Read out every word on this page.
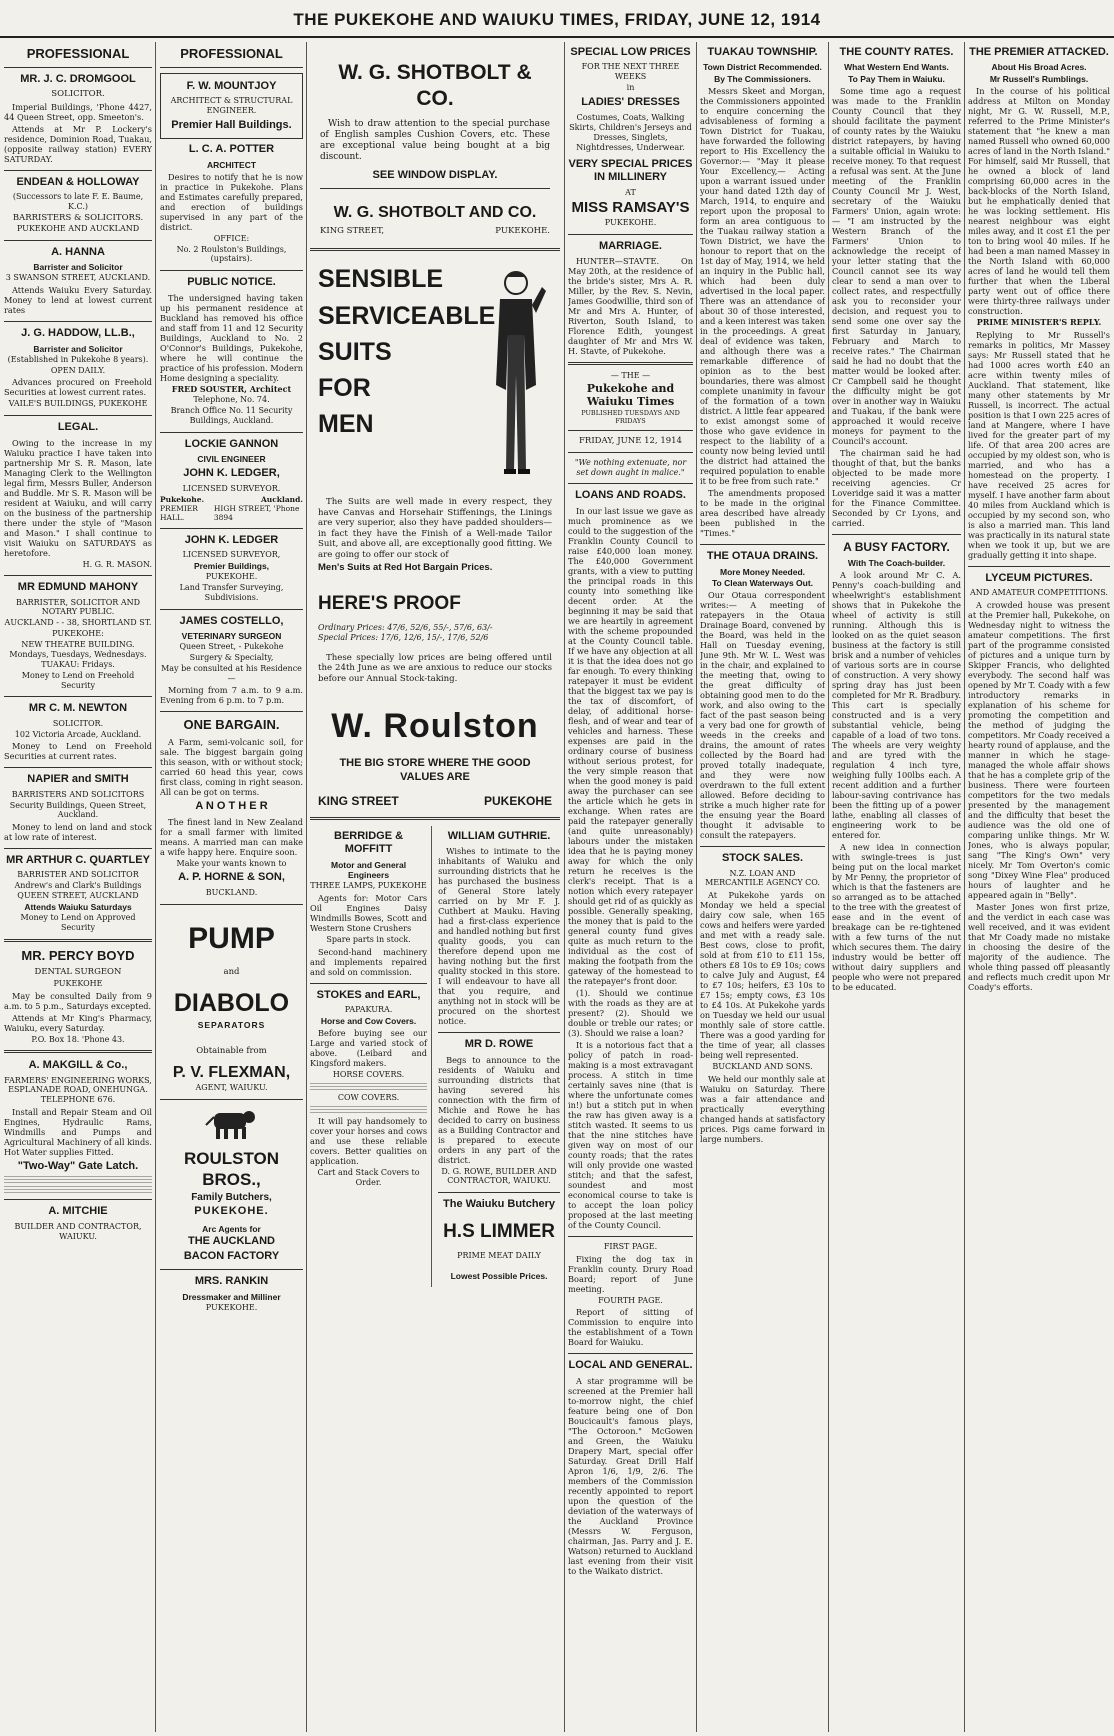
THE PUKEKOHE AND WAIUKU TIMES, FRIDAY, JUNE 12, 1914
PROFESSIONAL
MR. J. C. DROMGOOL
SOLICITOR.
Imperial Buildings, 'Phone 4427, 44 Queen Street, opp. Smeeton's.
Attends at Mr P. Lockery's residence, Dominion Road, Tuakau, (opposite railway station) EVERY SATURDAY.
ENDEAN & HOLLOWAY
(Successors to late F. E. Baume, K.C.)
BARRISTERS & SOLICITORS.
PUKEKOHE AND AUCKLAND
A. HANNA
Barrister and Solicitor
3 SWANSON STREET, AUCKLAND.
Attends Waiuku Every Saturday. Money to lend at lowest current rates
J. G. HADDOW, LL.B.,
Barrister and Solicitor
(Established in Pukekohe 8 years).
OPEN DAILY.
Advances procured on Freehold Securities at lowest current rates.
VAILE'S BUILDINGS, PUKEKOHE
LEGAL.
Owing to the increase in my Waiuku practice I have taken into partnership Mr S. R. Mason, late Managing Clerk to the Wellington legal firm, Messrs Buller, Anderson and Buddle. Mr S. R. Mason will be resident at Waiuku, and will carry on the business of the partnership there under the style of "Mason and Mason." I shall continue to visit Waiuku on SATURDAYS as heretofore.
H. G. R. MASON.
MR EDMUND MAHONY
BARRISTER, SOLICITOR AND NOTARY PUBLIC.
AUCKLAND - - 38, SHORTLAND ST.
PUKEKOHE:
NEW THEATRE BUILDING.
Mondays, Tuesdays, Wednesdays. TUAKAU: Fridays.
Money to Lend on Freehold Security
MR C. M. NEWTON
SOLICITOR.
102 Victoria Arcade, Auckland.
Money to Lend on Freehold Securities at current rates.
NAPIER and SMITH
BARRISTERS AND SOLICITORS
Security Buildings, Queen Street, Auckland.
Money to lend on land and stock at low rate of interest.
MR ARTHUR C. QUARTLEY
BARRISTER AND SOLICITOR
Andrew's and Clark's Buildings QUEEN STREET, AUCKLAND
Attends Waiuku Saturdays
Money to Lend on Approved Security
MR. PERCY BOYD
DENTAL SURGEON
PUKEKOHE
May be consulted Daily from 9 a.m. to 5 p.m., Saturdays excepted.
Attends at Mr King's Pharmacy, Waiuku, every Saturday.
P.O. Box 18. 'Phone 43.
A. MAKGILL & Co.,
FARMERS' ENGINEERING WORKS, ESPLANADE ROAD, ONEHUNGA. TELEPHONE 676.
Install and Repair Steam and Oil Engines, Hydraulic Rams, Windmills and Pumps and Agricultural Machinery of all kinds. Hot Water supplies Fitted.
"Two-Way" Gate Latch.
A. MITCHIE
BUILDER AND CONTRACTOR, WAIUKU.
PROFESSIONAL
F. W. MOUNTJOY
ARCHITECT & STRUCTURAL ENGINEER.
Premier Hall Buildings.
L. C. A. POTTER
ARCHITECT
Desires to notify that he is now in practice in Pukekohe. Plans and Estimates carefully prepared, and erection of buildings supervised in any part of the district.
OFFICE:
No. 2 Roulston's Buildings, (upstairs).
PUBLIC NOTICE.
The undersigned having taken up his permanent residence at Buckland has removed his office and staff from 11 and 12 Security Buildings, Auckland to No. 2 O'Connor's Buildings, Pukekohe, where he will continue the practice of his profession. Modern Home designing a speciality.
FRED SOUSTER, Architect
Telephone, No. 74.
Branch Office No. 11 Security Buildings, Auckland.
LOCKIE GANNON
CIVIL ENGINEER
JOHN K. LEDGER,
LICENSED SURVEYOR.
Pukekohe.	Auckland.
PREMIER HALL.
HIGH STREET, 'Phone 3894
JOHN K. LEDGER
LICENSED SURVEYOR,
Premier Buildings,
PUKEKOHE.
Land Transfer Surveying, Subdivisions.
JAMES COSTELLO,
VETERINARY SURGEON
Queen Street, - Pukekohe
Surgery & Specialty,
May be consulted at his Residence—
Morning from 7 a.m. to 9 a.m. Evening from 6 p.m. to 7 p.m.
ONE BARGAIN.
A Farm, semi-volcanic soil, for sale. The biggest bargain going this season, with or without stock; carried 60 head this year, cows first class, coming in right season. All can be got on terms.
A N O T H E R
The finest land in New Zealand for a small farmer with limited means. A married man can make a wife happy here. Enquire soon.
Make your wants known to
A. P. HORNE & SON,
BUCKLAND.
PUMP
and
DIABOLO
SEPARATORS
Obtainable from
P. V. FLEXMAN,
AGENT, WAIUKU.
ROULSTON BROS.,
Family Butchers,
PUKEKOHE.
Arc Agents for
THE AUCKLAND
BACON FACTORY
MRS. RANKIN
Dressmaker and Milliner
PUKEKOHE.
W. G. SHOTBOLT & CO.
Wish to draw attention to the special purchase of English samples Cushion Covers, etc. These are exceptional value being bought at a big discount.
SEE WINDOW DISPLAY.
W. G. SHOTBOLT AND CO.
KING STREET,	PUKEKOHE.
SENSIBLE
SERVICEABLE
SUITS
FOR
MEN
The Suits are well made in every respect, they have Canvas and Horsehair Stiffenings, the Linings are very superior, also they have padded shoulders—in fact they have the Finish of a Well-made Tailor Suit, and above all, are exceptionally good fitting. We are going to offer our stock of
Men's Suits at Red Hot Bargain Prices.
HERE'S PROOF
Ordinary Prices: 47/6, 52/6, 55/-, 57/6, 63/-
Special Prices: 17/6, 12/6, 15/-, 17/6, 52/6
These specially low prices are being offered until the 24th June as we are anxious to reduce our stocks before our Annual Stock-taking.
W. Roulston
THE BIG STORE WHERE THE GOOD VALUES ARE
KING STREET	PUKEKOHE
BERRIDGE & MOFFITT
Motor and General Engineers
THREE LAMPS, PUKEKOHE
Agents for: Motor Cars Oil Engines Daisy Windmills Bowes, Scott and Western Stone Crushers
Spare parts in stock.
Second-hand machinery and implements repaired and sold on commission.
STOKES and EARL,
PAPAKURA.
Horse and Cow Covers.
Before buying see our Large and varied stock of above. (Leibard and Kingsford makers.
HORSE COVERS.
COW COVERS.
It will pay handsomely to cover your horses and cows and use these reliable covers. Better qualities on application.
Cart and Stack Covers to Order.
WILLIAM GUTHRIE.
Wishes to intimate to the inhabitants of Waiuku and surrounding districts that he has purchased the business of General Store lately carried on by Mr F. J. Cuthbert at Mauku. Having had a first-class experience and handled nothing but first quality goods, you can therefore depend upon me having nothing but the first quality stocked in this store. I will endeavour to have all that you require, and anything not in stock will be procured on the shortest notice.
MR D. ROWE
Begs to announce to the residents of Waiuku and surrounding districts that having severed his connection with the firm of Michie and Rowe he has decided to carry on business as a Building Contractor and is prepared to execute orders in any part of the district.
D. G. ROWE, BUILDER AND CONTRACTOR, WAIUKU.
The Waiuku Butchery
H.S LIMMER
PRIME MEAT DAILY
Lowest Possible Prices.
SPECIAL LOW PRICES
FOR THE NEXT THREE WEEKS
in
LADIES' DRESSES
Costumes, Coats, Walking Skirts, Children's Jerseys and Dresses, Singlets, Nightdresses, Underwear.
VERY SPECIAL PRICES IN MILLINERY
AT
MISS RAMSAY'S
PUKEKOHE.
MARRIAGE.
HUNTER—STAVTE. On May 20th, at the residence of the bride's sister, Mrs A. R. Miller, by the Rev. S. Nevin, James Goodwillie, third son of Mr and Mrs A. Hunter, of Riverton, South Island, to Florence Edith, youngest daughter of Mr and Mrs W. H. Stavte, of Pukekohe.
— THE —
Pukekohe and Waiuku Times
PUBLISHED TUESDAYS AND FRIDAYS
FRIDAY, JUNE 12, 1914
"We nothing extenuate, nor set down aught in malice."
LOANS AND ROADS.
In our last issue we gave as much prominence as we could to the suggestion of the Franklin County Council to raise £40,000 loan money. The £40,000 Government grants, with a view to putting the principal roads in this county into something like decent order. At the beginning it may be said that we are heartily in agreement with the scheme propounded at the County Council table. If we have any objection at all it is that the idea does not go far enough. To every thinking ratepayer it must be evident that the biggest tax we pay is the tax of discomfort, of delay, of additional horse-flesh, and of wear and tear of vehicles and harness. These expenses are paid in the ordinary course of business without serious protest, for the very simple reason that when the good money is paid away the purchaser can see the article which he gets in exchange. When rates are paid the ratepayer generally (and quite unreasonably) labours under the mistaken idea that he is paying money away for which the only return he receives is the clerk's receipt. That is a notion which every ratepayer should get rid of as quickly as possible. Generally speaking, the money that is paid to the general county fund gives quite as much return to the individual as the cost of making the footpath from the gateway of the homestead to the ratepayer's front door.
(1). Should we continue with the roads as they are at present? (2). Should we double or treble our rates; or (3). Should we raise a loan?
It is a notorious fact that a policy of patch in road-making is a most extravagant process. A stitch in time certainly saves nine (that is where the unfortunate comes in!) but a stitch put in when the raw has given away is a stitch wasted. It seems to us that the nine stitches have given way on most of our county roads; that the rates will only provide one wasted stitch; and that the safest, soundest and most economical course to take is to accept the loan policy proposed at the last meeting of the County Council.
FIRST PAGE.
Fixing the dog tax in Franklin county. Drury Road Board; report of June meeting.
FOURTH PAGE.
Report of sitting of Commission to enquire into the establishment of a Town Board for Waiuku.
LOCAL AND GENERAL.
A star programme will be screened at the Premier hall to-morrow night, the chief feature being one of Don Boucicault's famous plays, "The Octoroon." McGowen and Green, the Waiuku Drapery Mart, special offer Saturday. Great Drill Half Apron 1/6, 1/9, 2/6. The members of the Commission recently appointed to report upon the question of the deviation of the waterways of the Auckland Province (Messrs W. Ferguson, chairman, Jas. Parry and J. E. Watson) returned to Auckland last evening from their visit to the Waikato district.
TUAKAU TOWNSHIP.
Town District Recommended.
By The Commissioners.
Messrs Skeet and Morgan, the Commissioners appointed to enquire concerning the advisableness of forming a Town District for Tuakau, have forwarded the following report to His Excellency the Governor:— "May it please Your Excellency,— Acting upon a warrant issued under your hand dated 12th day of March, 1914, to enquire and report upon the proposal to form an area contiguous to the Tuakau railway station a Town District, we have the honour to report that on the 1st day of May, 1914, we held an inquiry in the Public hall, which had been duly advertised in the local paper. There was an attendance of about 30 of those interested, and a keen interest was taken in the proceedings. A great deal of evidence was taken, and although there was a remarkable difference of opinion as to the best boundaries, there was almost complete unanimity in favour of the formation of a town district. A little fear appeared to exist amongst some of those who gave evidence in respect to the liability of a county now being levied until the district had attained the required population to enable it to be free from such rate."
The amendments proposed to be made in the original area described have already been published in the "Times."
THE OTAUA DRAINS.
More Money Needed.
To Clean Waterways Out.
Our Otaua correspondent writes:— A meeting of ratepayers in the Otaua Drainage Board, convened by the Board, was held in the Hall on Tuesday evening, June 9th. Mr W. L. West was in the chair, and explained to the meeting that, owing to the great difficulty of obtaining good men to do the work, and also owing to the fact of the past season being a very bad one for growth of weeds in the creeks and drains, the amount of rates collected by the Board had proved totally inadequate, and they were now overdrawn to the full extent allowed. Before deciding to strike a much higher rate for the ensuing year the Board thought it advisable to consult the ratepayers.
STOCK SALES.
N.Z. LOAN AND MERCANTILE AGENCY CO.
At Pukekohe yards on Monday we held a special dairy cow sale, when 165 cows and heifers were yarded and met with a ready sale. Best cows, close to profit, sold at from £10 to £11 15s, others £8 10s to £9 10s; cows to calve July and August, £4 to £7 10s; heifers, £3 10s to £7 15s; empty cows, £3 10s to £4 10s. At Pukekohe yards on Tuesday we held our usual monthly sale of store cattle. There was a good yarding for the time of year, all classes being well represented.
BUCKLAND AND SONS.
We held our monthly sale at Waiuku on Saturday. There was a fair attendance and practically everything changed hands at satisfactory prices. Pigs came forward in large numbers.
THE COUNTY RATES.
What Western End Wants.
To Pay Them in Waiuku.
Some time ago a request was made to the Franklin County Council that they should facilitate the payment of county rates by the Waiuku district ratepayers, by having a suitable official in Waiuku to receive money. To that request a refusal was sent. At the June meeting of the Franklin County Council Mr J. West, secretary of the Waiuku Farmers' Union, again wrote:— "I am instructed by the Western Branch of the Farmers' Union to acknowledge the receipt of your letter stating that the Council cannot see its way clear to send a man over to collect rates, and respectfully ask you to reconsider your decision, and request you to send some one over say the first Saturday in January, February and March to receive rates." The Chairman said he had no doubt that the matter would be looked after. Cr Campbell said he thought the difficulty might be got over in another way in Waiuku and Tuakau, if the bank were approached it would receive moneys for payment to the Council's account.
The chairman said he had thought of that, but the banks objected to be made more receiving agencies. Cr Loveridge said it was a matter for the Finance Committee. Seconded by Cr Lyons, and carried.
A BUSY FACTORY.
With The Coach-builder.
A look around Mr C. A. Penny's coach-building and wheelwright's establishment shows that in Pukekohe the wheel of activity is still running. Although this is looked on as the quiet season business at the factory is still brisk and a number of vehicles of various sorts are in course of construction. A very showy spring dray has just been completed for Mr R. Bradbury. This cart is specially constructed and is a very substantial vehicle, being capable of a load of two tons. The wheels are very weighty and are tyred with the regulation 4 inch tyre, weighing fully 100lbs each. A recent addition and a further labour-saving contrivance has been the fitting up of a power lathe, enabling all classes of engineering work to be entered for.
A new idea in connection with swingle-trees is just being put on the local market by Mr Penny, the proprietor of which is that the fasteners are so arranged as to be attached to the tree with the greatest of ease and in the event of breakage can be re-tightened with a few turns of the nut which secures them. The dairy industry would be better off without dairy suppliers and people who were not prepared to be educated.
THE PREMIER ATTACKED.
About His Broad Acres.
Mr Russell's Rumblings.
In the course of his political address at Milton on Monday night, Mr G. W. Russell, M.P., referred to the Prime Minister's statement that "he knew a man named Russell who owned 60,000 acres of land in the North Island." For himself, said Mr Russell, that he owned a block of land comprising 60,000 acres in the back-blocks of the North Island, but he emphatically denied that he was locking settlement. His nearest neighbour was eight miles away, and it cost £1 the per ton to bring wool 40 miles. If he had been a man named Massey in the North Island with 60,000 acres of land he would tell them further that when the Liberal party went out of office there were thirty-three railways under construction.
PRIME MINISTER'S REPLY.
Replying to Mr Russell's remarks in politics, Mr Massey says: Mr Russell stated that he had 1000 acres worth £40 an acre within twenty miles of Auckland. That statement, like many other statements by Mr Russell, is incorrect. The actual position is that I own 225 acres of land at Mangere, where I have lived for the greater part of my life. Of that area 200 acres are occupied by my oldest son, who is married, and who has a homestead on the property. I have received 25 acres for myself. I have another farm about 40 miles from Auckland which is occupied by my second son, who is also a married man. This land was practically in its natural state when we took it up, but we are gradually getting it into shape.
LYCEUM PICTURES.
AND AMATEUR COMPETITIONS.
A crowded house was present at the Premier hall, Pukekohe, on Wednesday night to witness the amateur competitions. The first part of the programme consisted of pictures and a unique turn by Skipper Francis, who delighted everybody. The second half was opened by Mr T. Coady with a few introductory remarks in explanation of his scheme for promoting the competition and the method of judging the competitors. Mr Coady received a hearty round of applause, and the manner in which he stage-managed the whole affair shows that he has a complete grip of the business. There were fourteen competitors for the two medals presented by the management and the difficulty that beset the audience was the old one of comparing unlike things. Mr W. Jones, who is always popular, sang "The King's Own" very nicely. Mr Tom Overton's comic song "Dixey Wine Flea" produced hours of laughter and he appeared again in "Belly".
Master Jones won first prize, and the verdict in each case was well received, and it was evident that Mr Coady made no mistake in choosing the desire of the majority of the audience. The whole thing passed off pleasantly and reflects much credit upon Mr Coady's efforts.
